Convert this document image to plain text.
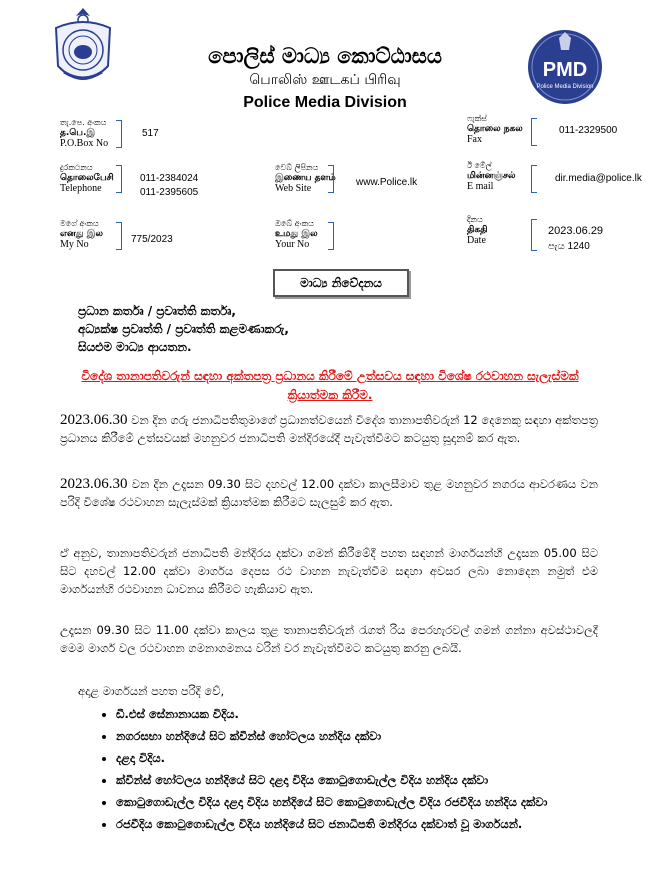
PMD
Police Media Division
පොලිස් මාධ්‍ය කොට්ඨාසය
பொலிஸ் ஊடகப் பிரிவு
Police Media Division
තැ.පෙ. අංකය
த.பெ.இ
P.O.Box No
517
ෆැක්ස්
தொலை நகல
Fax
011-2329500
දුරකථනය
தொலைபேசி
Telephone
011-2384024
011-2395605
වෙබ් ලිපිනය
இணைய தளம்
Web Site
www.Police.lk
ඊ මේල්
மின்னஞ்சல்
E mail
dir.media@police.lk
මගේ අංකය
எனது இல
My No	775/2023
ඔබේ අංකය
உமது இல
Your No
දිනය
திகதி
Date
2023.06.29
පැය 1240
මාධ්‍ය නිවේදනය
ප්‍රධාන කර්තෘ / ප්‍රවෘත්ති කර්තෘ,
අධ්‍යක්ෂ ප්‍රවෘත්ති / ප්‍රවෘත්ති කළමණාකරු,
සියළුම මාධ්‍ය ආයතන.
විදේශ තානාපතිවරුන් සඳහා අක්තපත්‍ර ප්‍රධානය කිරීමේ උත්සවය සඳහා විශේෂ රථවාහන සැලැස්මක් ක්‍රියාත්මක කිරීම.
2023.06.30 වන දින ගරු ජනාධිපතිතුමාගේ ප්‍රධානත්වයෙන් විදේශ තානාපතිවරුන් 12 දෙනෙකු සඳහා අක්තපත්‍ර ප්‍රධානය කිරීමේ උත්සවයක් මහනුවර ජනාධිපති මන්දිරයේදී පැවැත්වීමට කටයුතු සූදානම් කර ඇත.
2023.06.30 වන දින උදෑසන 09.30 සිට දහවල් 12.00 දක්වා කාලසීමාව තුළ මහනුවර නගරය ආවරණය වන පරිදි විශේෂ රථවාහන සැලැස්මක් ක්‍රියාත්මක කිරීමට සැලසුම් කර ඇත.
ඒ අනුව, තානාපතිවරුන් ජනාධිපති මන්දිරය දක්වා ගමන් කිරීමේදී පහත සඳහන් මාර්ගයන්හි උදෑසන 05.00 සිට සිට දහවල් 12.00 දක්වා මාර්ගය දෙපස රථ වාහන නැවැත්වීම සඳහා අවසර ලබා නොදෙන නමුත් එම මාර්ගයන්හි රථවාහන ධාවනය කිරීමට හැකියාව ඇත.
උදෑසන 09.30 සිට 11.00 දක්වා කාලය තුළ තානාපතිවරුන් රැගත් රිය පෙරහැරවල් ගමන් ගන්නා අවස්ථාවලදී මෙම මාර්ග වල රථවාහන ගමනාගමනය වරින් වර නැවැත්වීමට කටයුතු කරනු ලබයි.
අදාළ මාර්ගයන් පහත පරිදි වේ,
• ඩී.එස් සේනානායක විදිය.
• නගරසභා හන්දියේ සිට ක්වීන්ස් හෝටලය හන්දිය දක්වා
• දළදා විදිය.
• ක්වීන්ස් හෝටලය හන්දියේ සිට දළදා විදිය කොටුගොඩැල්ල විදිය හන්දිය දක්වා
• කොටුගොඩැල්ල විදිය දළදා විදිය හන්දියේ සිට කොටුගොඩැල්ල විදිය රජවීදිය හන්දිය දක්වා
• රජවීදිය කොටුගොඩැල්ල විදිය හන්දියේ සිට ජනාධිපති මන්දිරය දක්වාත් වූ මාර්ගයන්.
